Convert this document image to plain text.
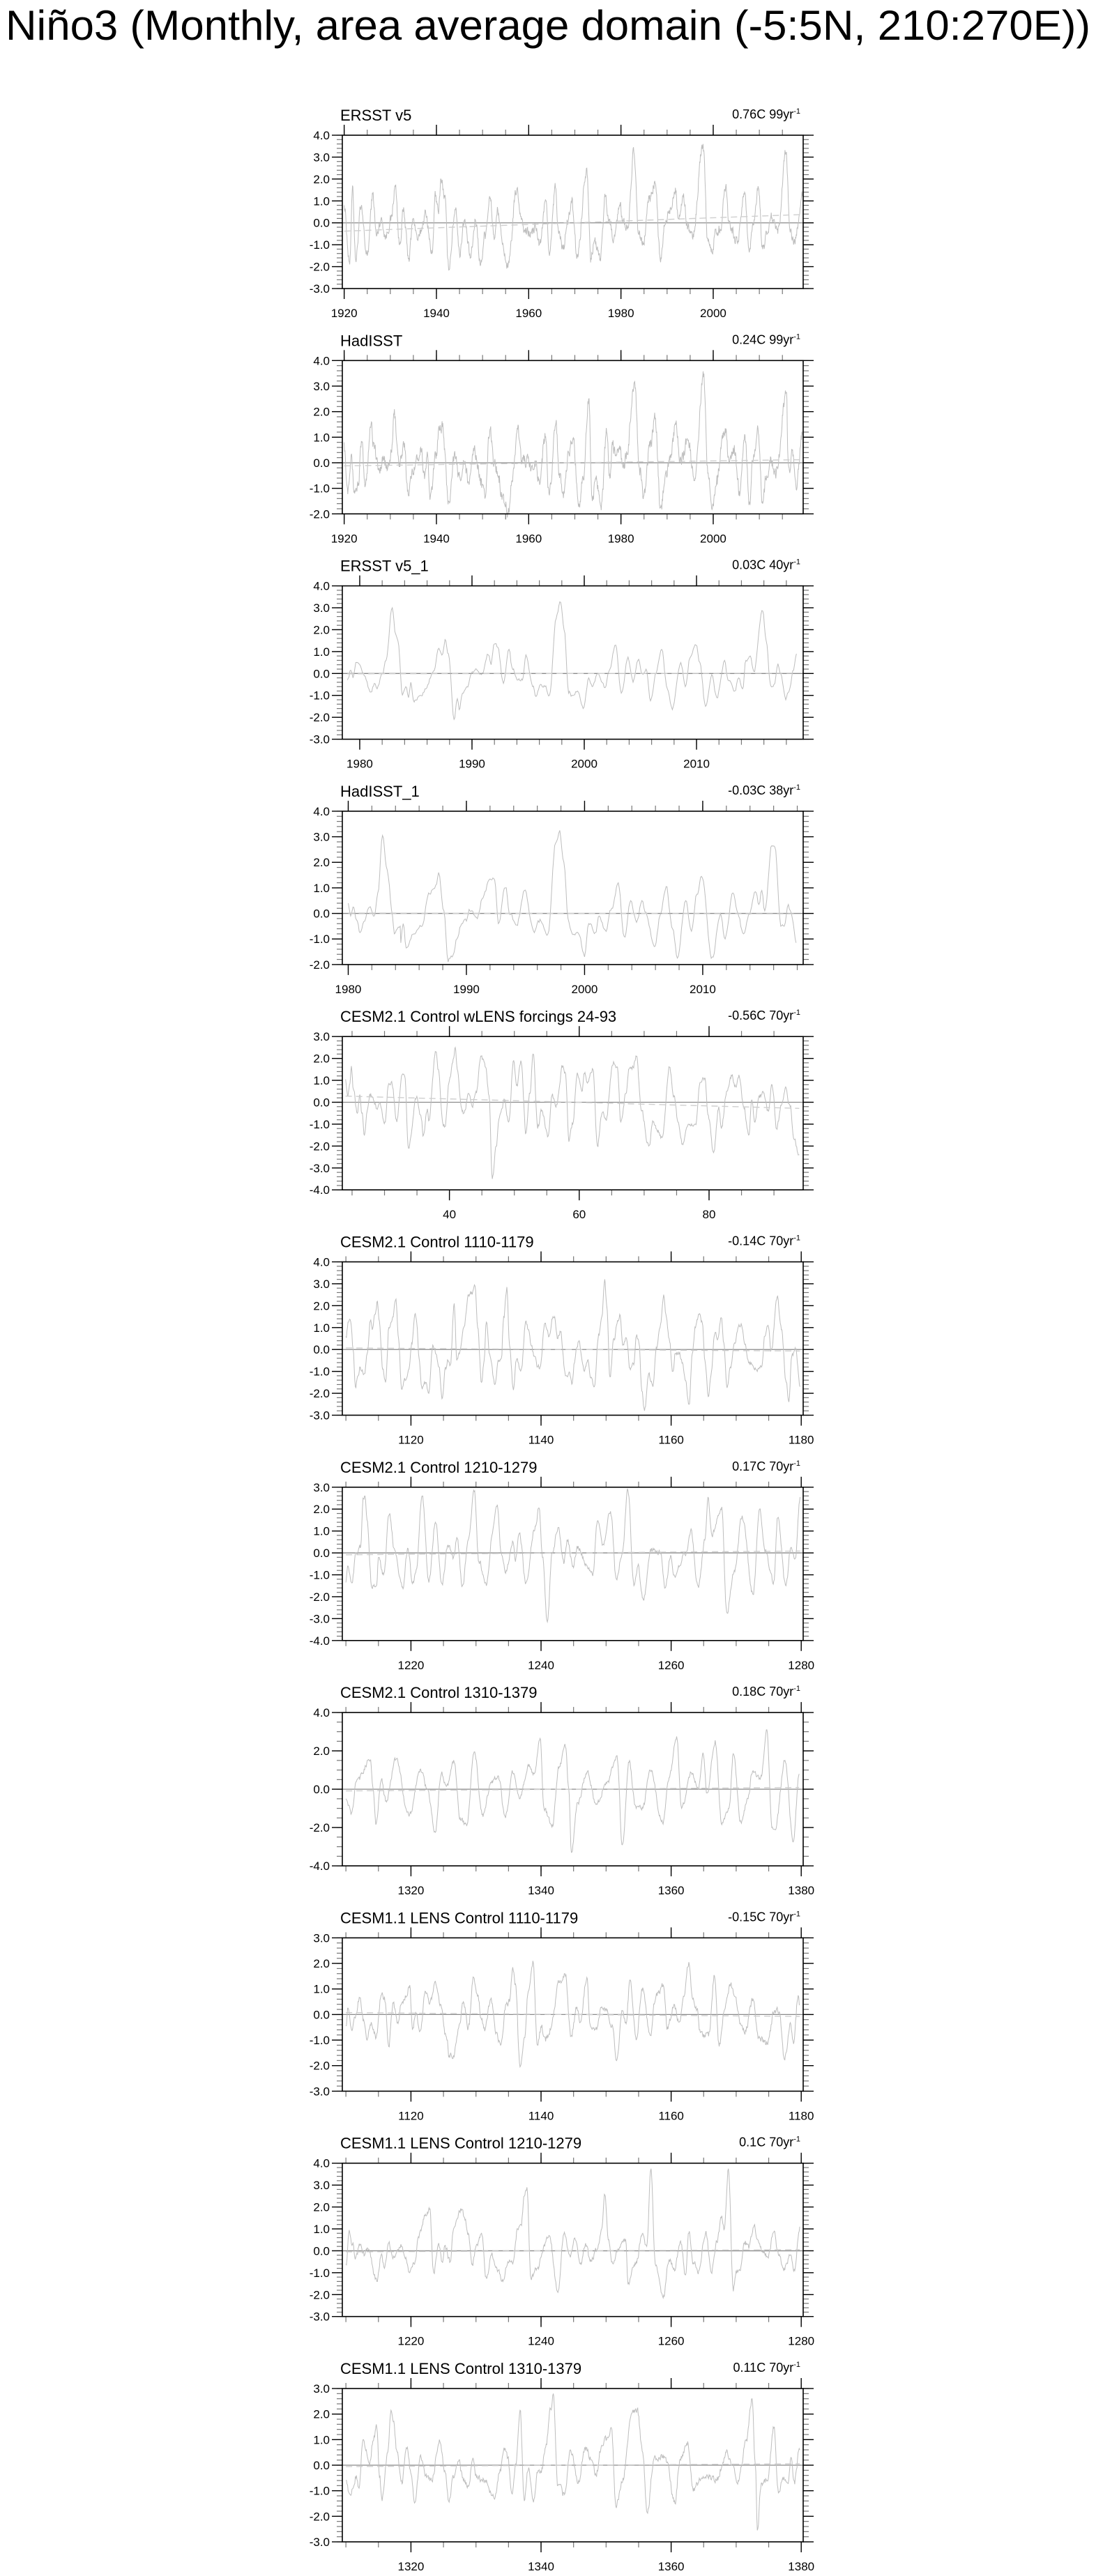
Niño3 (Monthly, area average domain (-5:5N, 210:270E))
ERSST v5	0.76C $99yr^{-1}$
4.0
3.0
2.0
1.0
0.0
-1.0
-2.0
-3.0
1920	1940	1960	1980	2000
HadISST	0.24C $99yr^{-1}$
4.0
3.0
2.0
1.0
0.0
-1.0
-2.0
1920	1940	1960	1980	2000
ERSST v5_1	0.03C $40yr^{-1}$
4.0
3.0
2.0
1.0
0.0
-1.0
-2.0
-3.0
1980	1990	2000	2010
HadISST_1	-0.03C $38yr^{-1}$
4.0
3.0
2.0
1.0
0.0
-1.0
-2.0
1980	1990	2000	2010
CESM2.1 Control wLENS forcings 24-93	-0.56C $70yr^{-1}$
3.0
2.0
1.0
0.0
-1.0
-2.0
-3.0
-4.0
40	60	80
CESM2.1 Control 1110-1179	-0.14C $70yr^{-1}$
4.0
3.0
2.0
1.0
0.0
-1.0
-2.0
-3.0
1120	1140	1160	1180
CESM2.1 Control 1210-1279	0.17C $70yr^{-1}$
3.0
2.0
1.0
0.0
-1.0
-2.0
-3.0
-4.0
1220	1240	1260	1280
CESM2.1 Control 1310-1379	0.18C $70yr^{-1}$
4.0
2.0
0.0
-2.0
-4.0
1320	1340	1360	1380
CESM1.1 LENS Control 1110-1179	-0.15C $70yr^{-1}$
3.0
2.0
1.0
0.0
-1.0
-2.0
-3.0
1120	1140	1160	1180
CESM1.1 LENS Control 1210-1279	0.1C $70yr^{-1}$
4.0
3.0
2.0
1.0
0.0
-1.0
-2.0
-3.0
1220	1240	1260	1280
CESM1.1 LENS Control 1310-1379	0.11C $70yr^{-1}$
3.0
2.0
1.0
0.0
-1.0
-2.0
-3.0
1320	1340	1360	1380
